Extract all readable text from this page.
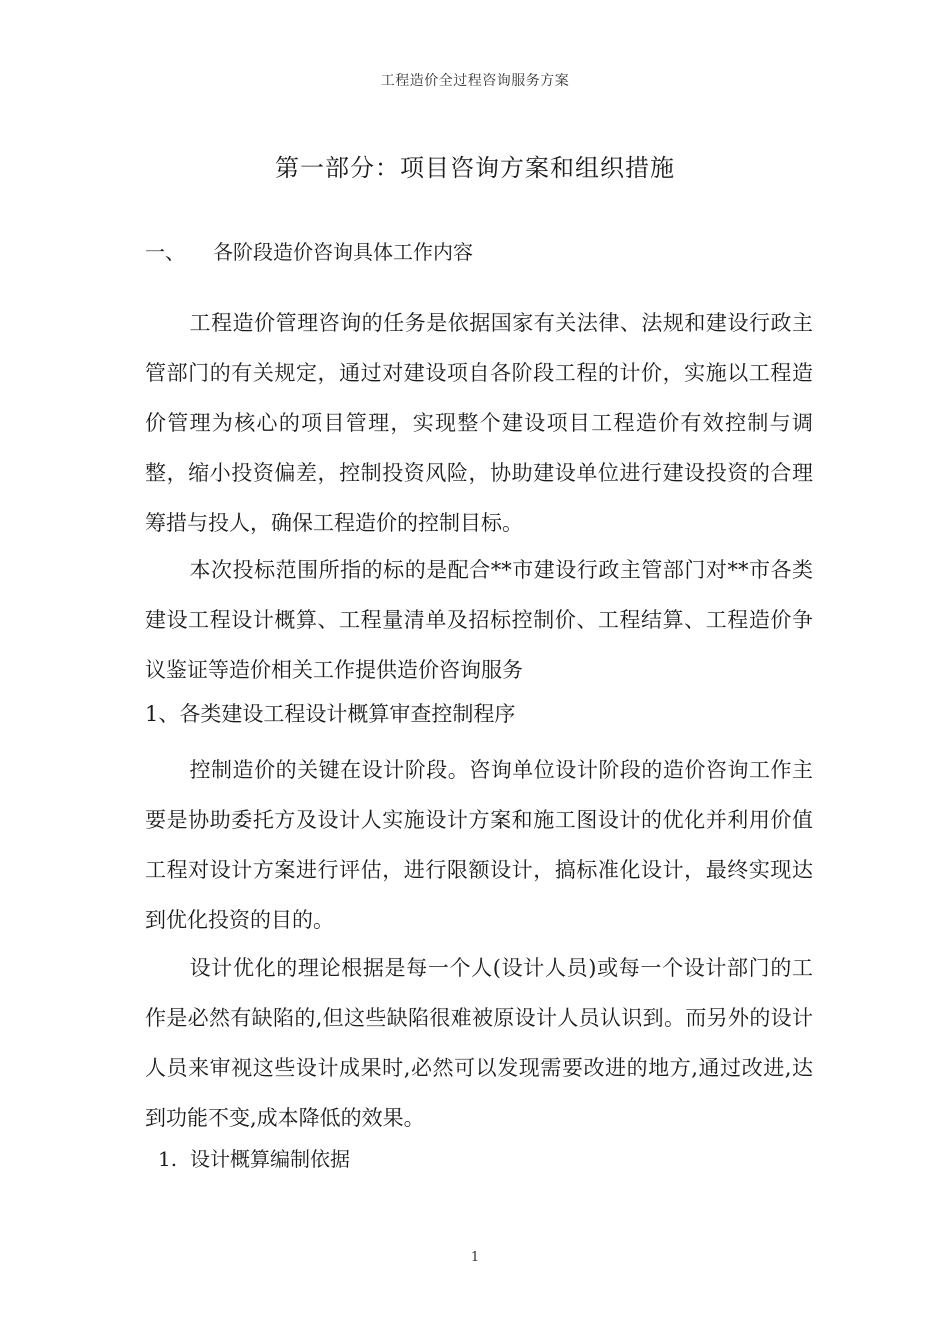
工程造价全过程咨询服务方案
第一部分：项目咨询方案和组织措施
一、 各阶段造价咨询具体工作内容
工程造价管理咨询的任务是依据国家有关法律、法规和建设行政主管部门的有关规定，通过对建设项自各阶段工程的计价，实施以工程造价管理为核心的项目管理，实现整个建设项目工程造价有效控制与调整，缩小投资偏差，控制投资风险，协助建设单位进行建设投资的合理筹措与投人，确保工程造价的控制目标。
本次投标范围所指的标的是配合**市建设行政主管部门对**市各类建设工程设计概算、工程量清单及招标控制价、工程结算、工程造价争议鉴证等造价相关工作提供造价咨询服务
1、各类建设工程设计概算审查控制程序
控制造价的关键在设计阶段。咨询单位设计阶段的造价咨询工作主要是协助委托方及设计人实施设计方案和施工图设计的优化并利用价值工程对设计方案进行评估，进行限额设计，搞标准化设计，最终实现达到优化投资的目的。
设计优化的理论根据是每一个人(设计人员)或每一个设计部门的工作是必然有缺陷的,但这些缺陷很难被原设计人员认识到。而另外的设计人员来审视这些设计成果时,必然可以发现需要改进的地方,通过改进,达到功能不变,成本降低的效果。
1. 设计概算编制依据
1
